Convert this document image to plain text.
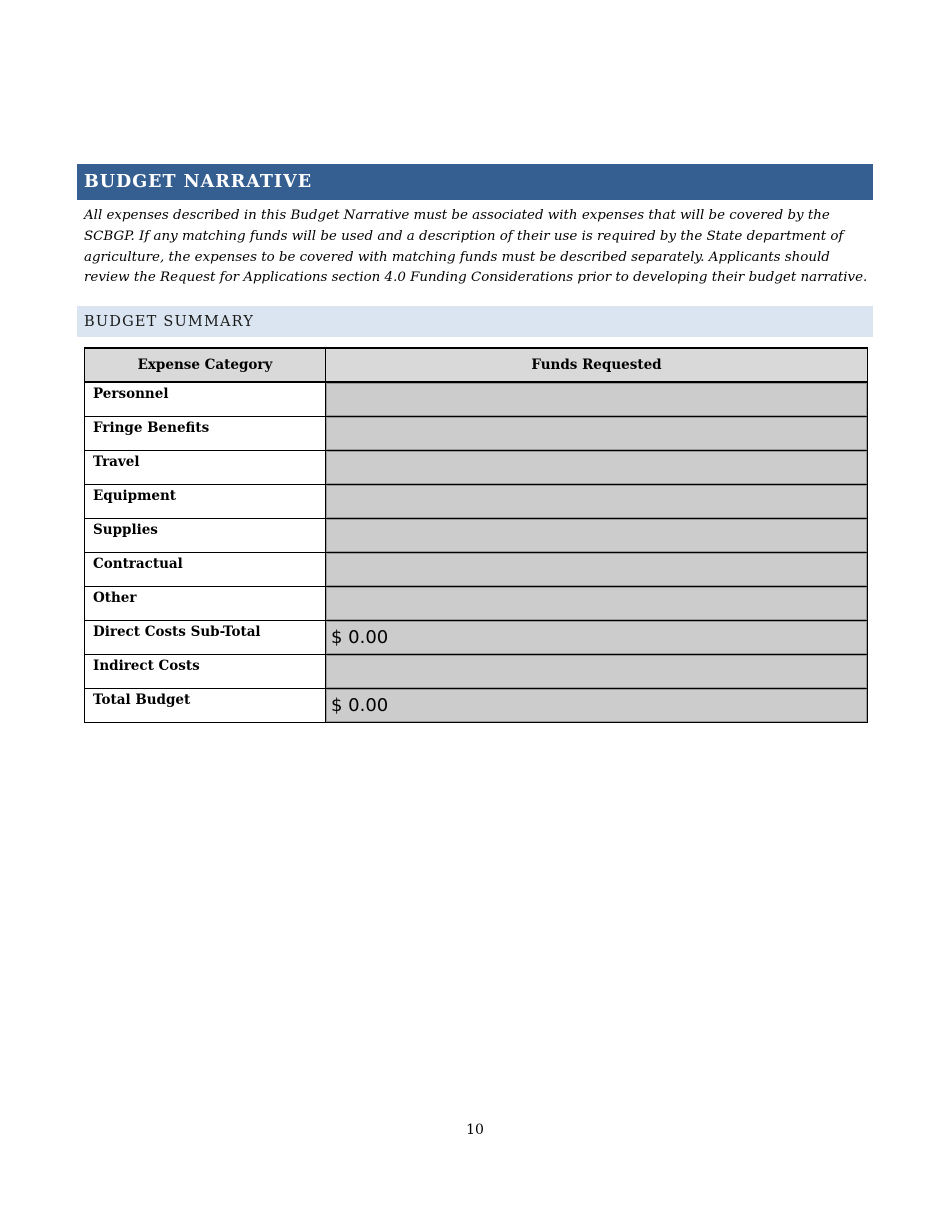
BUDGET NARRATIVE

All expenses described in this Budget Narrative must be associated with expenses that will be covered by the SCBGP. If any matching funds will be used and a description of their use is required by the State department of agriculture, the expenses to be covered with matching funds must be described separately. Applicants should review the Request for Applications section 4.0 Funding Considerations prior to developing their budget narrative.

BUDGET SUMMARY
Expense Category	Funds Requested
Personnel	

Fringe Benefits	

Travel	

Equipment	

Supplies	

Contractual	

Other	

Direct Costs Sub-Total	$ 0.00

Indirect Costs	

Total Budget	$ 0.00
10
